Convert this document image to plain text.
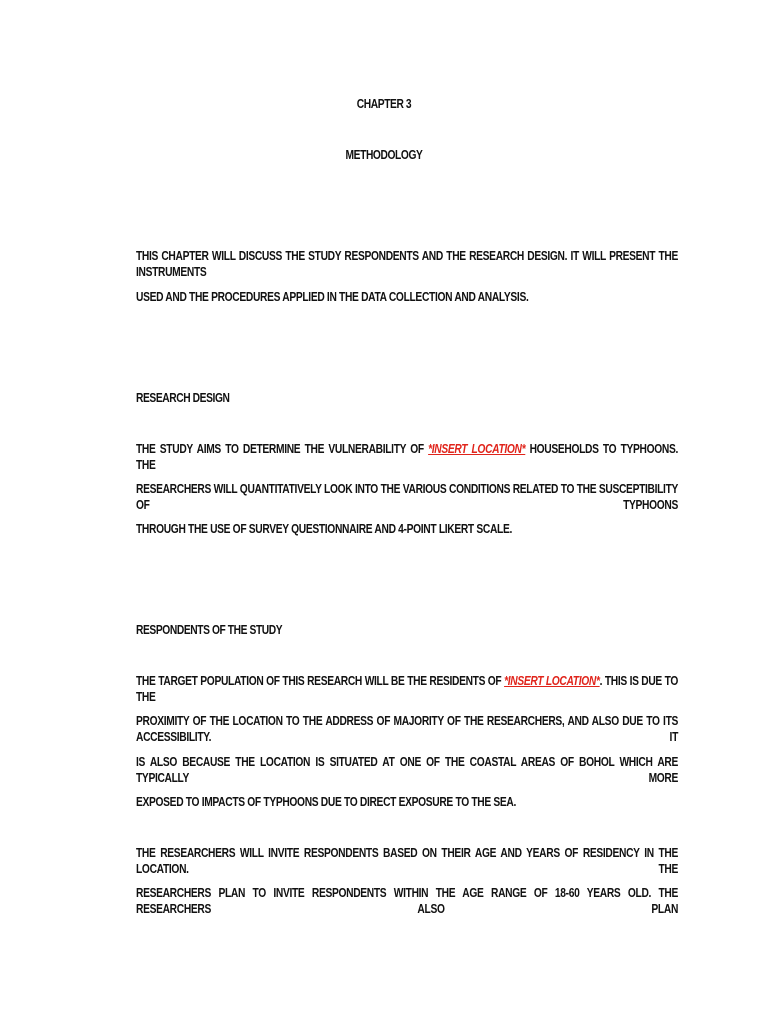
CHAPTER 3

METHODOLOGY

THIS CHAPTER WILL DISCUSS THE STUDY RESPONDENTS AND THE RESEARCH DESIGN. IT WILL PRESENT THE INSTRUMENTS

USED AND THE PROCEDURES APPLIED IN THE DATA COLLECTION AND ANALYSIS.

RESEARCH DESIGN

THE STUDY AIMS TO DETERMINE THE VULNERABILITY OF *INSERT LOCATION* HOUSEHOLDS TO TYPHOONS. THE

RESEARCHERS WILL QUANTITATIVELY LOOK INTO THE VARIOUS CONDITIONS RELATED TO THE SUSCEPTIBILITY OF TYPHOONS

THROUGH THE USE OF SURVEY QUESTIONNAIRE AND 4-POINT LIKERT SCALE.

RESPONDENTS OF THE STUDY

THE TARGET POPULATION OF THIS RESEARCH WILL BE THE RESIDENTS OF *INSERT LOCATION*. THIS IS DUE TO THE

PROXIMITY OF THE LOCATION TO THE ADDRESS OF MAJORITY OF THE RESEARCHERS, AND ALSO DUE TO ITS ACCESSIBILITY. IT

IS ALSO BECAUSE THE LOCATION IS SITUATED AT ONE OF THE COASTAL AREAS OF BOHOL WHICH ARE TYPICALLY MORE

EXPOSED TO IMPACTS OF TYPHOONS DUE TO DIRECT EXPOSURE TO THE SEA.

THE RESEARCHERS WILL INVITE RESPONDENTS BASED ON THEIR AGE AND YEARS OF RESIDENCY IN THE LOCATION. THE

RESEARCHERS PLAN TO INVITE RESPONDENTS WITHIN THE AGE RANGE OF 18-60 YEARS OLD. THE RESEARCHERS ALSO PLAN
